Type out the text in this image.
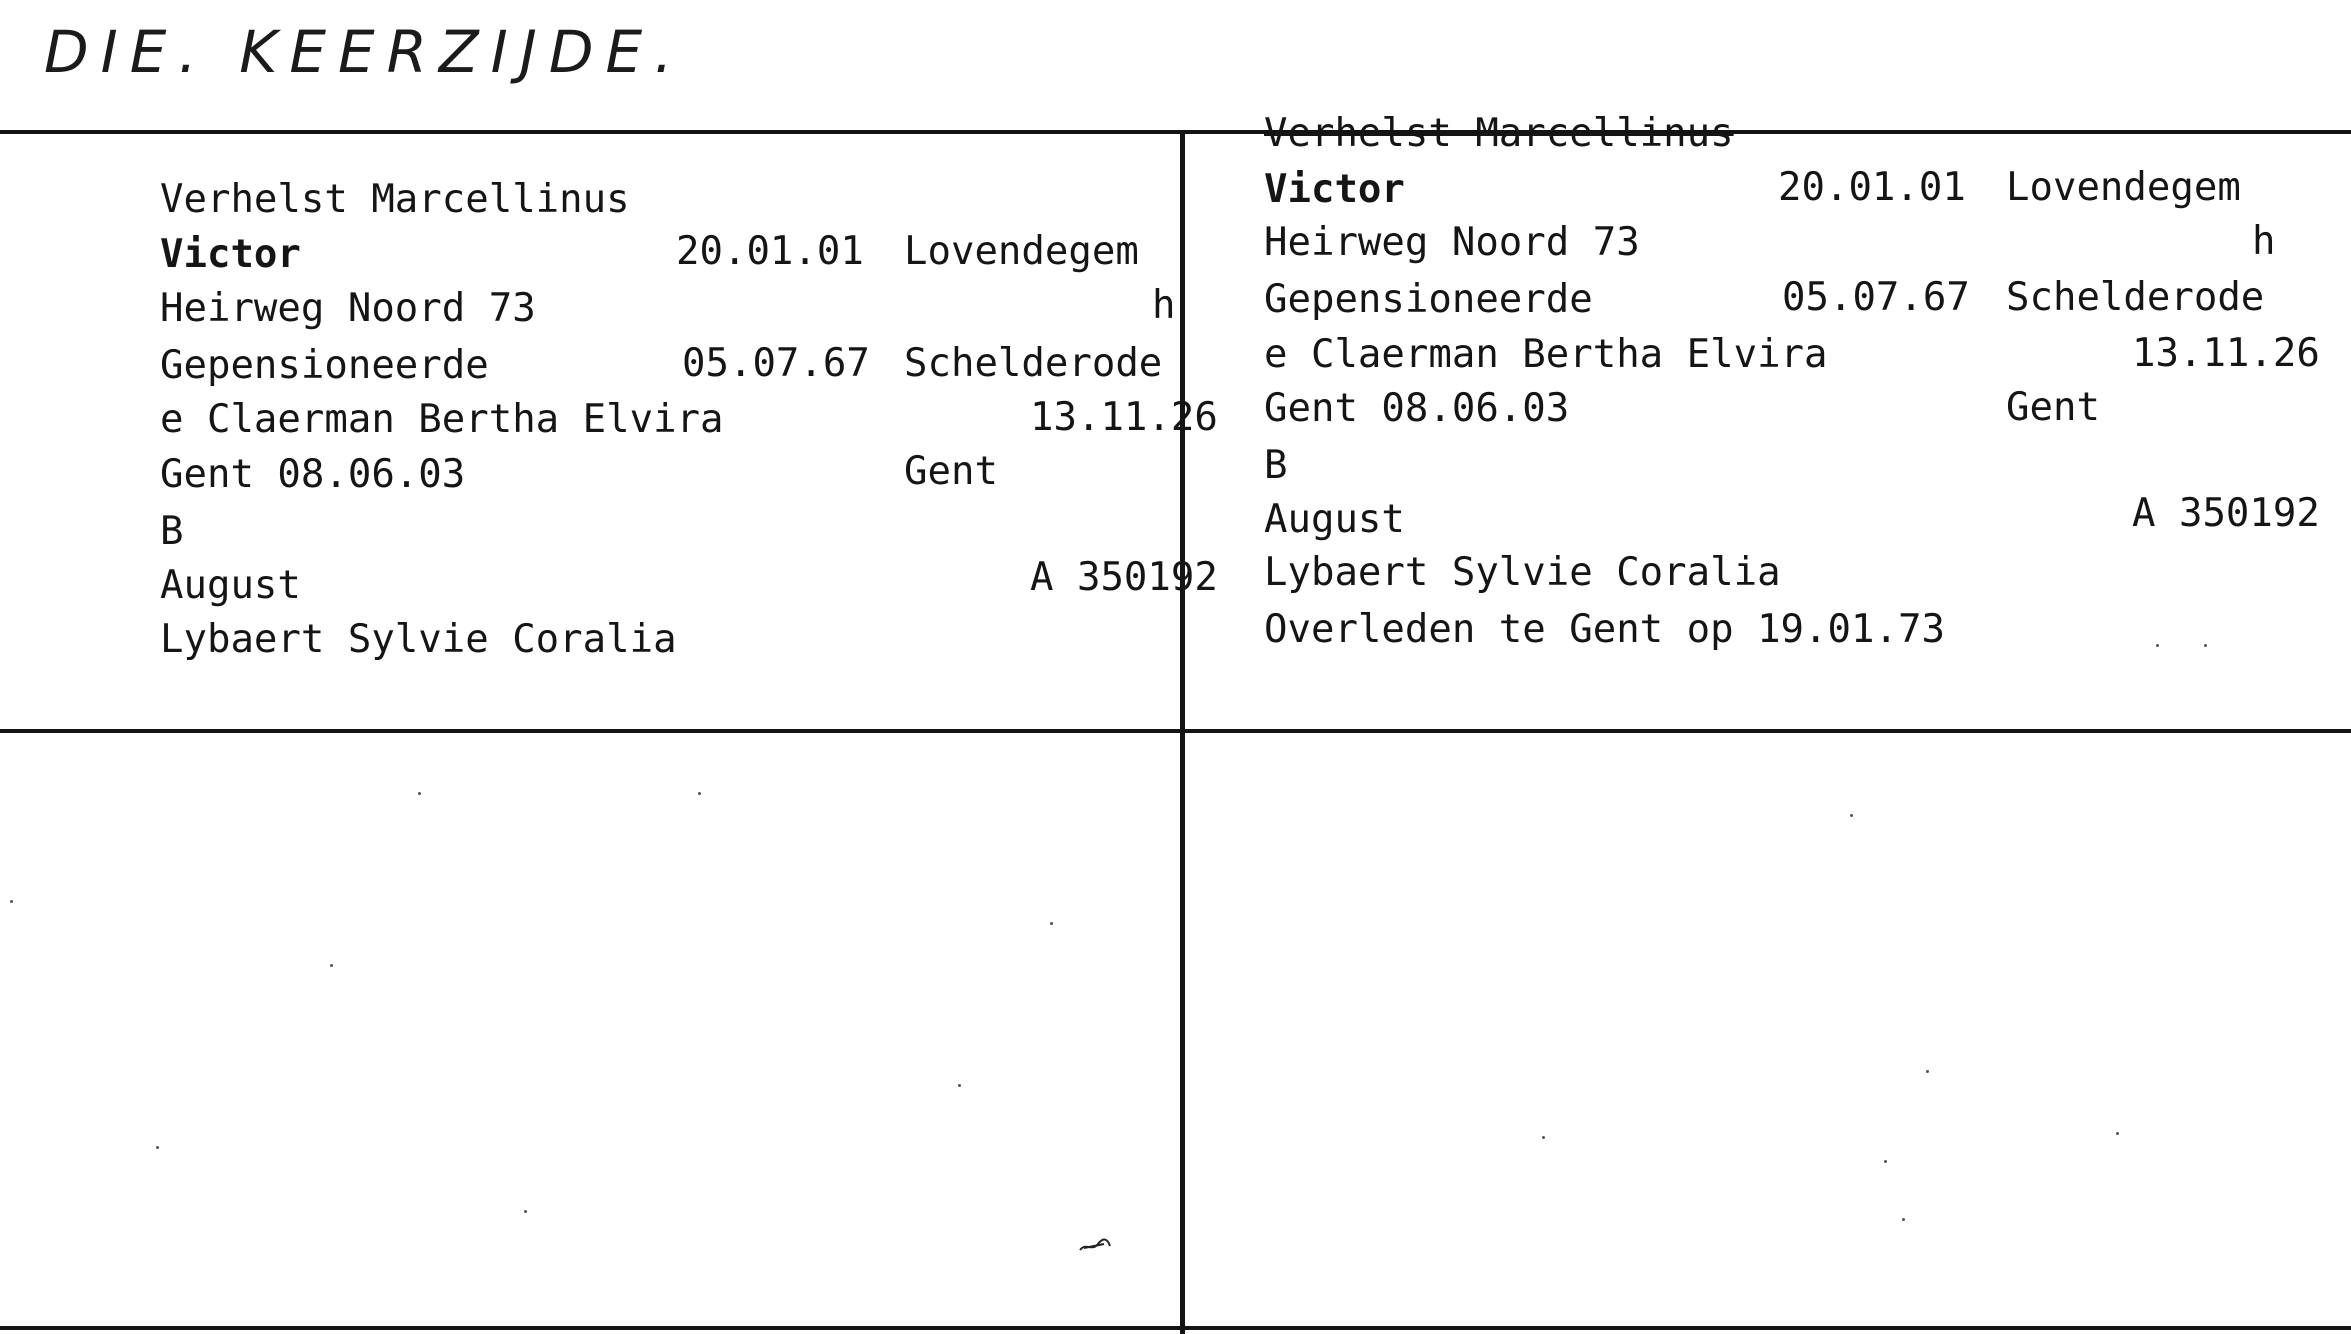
DIE. KEERZIJDE.
Verhelst Marcellinus
Victor	20.01.01 Lovendegem
Heirweg Noord 73	h
Gepensioneerde	05.07.67 Schelderode
e Claerman Bertha Elvira	13.11.26
Gent 08.06.03	Gent
B
August	A 350192
Lybaert Sylvie Coralia
Verhelst Marcellinus
Victor	20.01.01 Lovendegem
Heirweg Noord 73	h
Gepensioneerde	05.07.67 Schelderode
e Claerman Bertha Elvira	13.11.26
Gent 08.06.03	Gent
B
August	A 350192
Lybaert Sylvie Coralia
Overleden te Gent op 19.01.73
